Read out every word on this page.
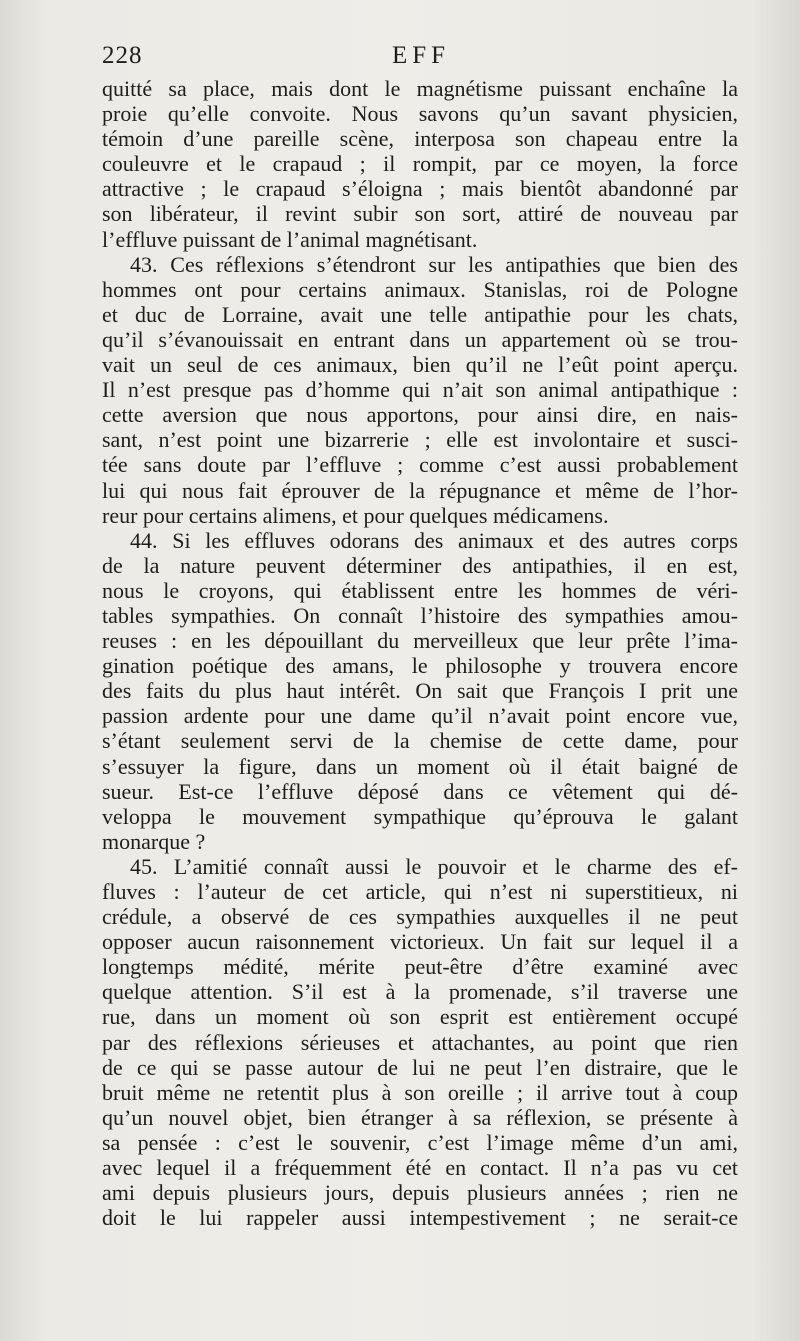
228	EFF
quitté sa place, mais dont le magnétisme puissant enchaîne la
proie qu’elle convoite. Nous savons qu’un savant physicien,
témoin d’une pareille scène, interposa son chapeau entre la
couleuvre et le crapaud ; il rompit, par ce moyen, la force
attractive ; le crapaud s’éloigna ; mais bientôt abandonné par
son libérateur, il revint subir son sort, attiré de nouveau par
l’effluve puissant de l’animal magnétisant.
43. Ces réflexions s’étendront sur les antipathies que bien des
hommes ont pour certains animaux. Stanislas, roi de Pologne
et duc de Lorraine, avait une telle antipathie pour les chats,
qu’il s’évanouissait en entrant dans un appartement où se trou-
vait un seul de ces animaux, bien qu’il ne l’eût point aperçu.
Il n’est presque pas d’homme qui n’ait son animal antipathique :
cette aversion que nous apportons, pour ainsi dire, en nais-
sant, n’est point une bizarrerie ; elle est involontaire et susci-
tée sans doute par l’effluve ; comme c’est aussi probablement
lui qui nous fait éprouver de la répugnance et même de l’hor-
reur pour certains alimens, et pour quelques médicamens.
44. Si les effluves odorans des animaux et des autres corps
de la nature peuvent déterminer des antipathies, il en est,
nous le croyons, qui établissent entre les hommes de véri-
tables sympathies. On connaît l’histoire des sympathies amou-
reuses : en les dépouillant du merveilleux que leur prête l’ima-
gination poétique des amans, le philosophe y trouvera encore
des faits du plus haut intérêt. On sait que François I prit une
passion ardente pour une dame qu’il n’avait point encore vue,
s’étant seulement servi de la chemise de cette dame, pour
s’essuyer la figure, dans un moment où il était baigné de
sueur. Est-ce l’effluve déposé dans ce vêtement qui dé-
veloppa le mouvement sympathique qu’éprouva le galant
monarque ?
45. L’amitié connaît aussi le pouvoir et le charme des ef-
fluves : l’auteur de cet article, qui n’est ni superstitieux, ni
crédule, a observé de ces sympathies auxquelles il ne peut
opposer aucun raisonnement victorieux. Un fait sur lequel il a
longtemps médité, mérite peut-être d’être examiné avec
quelque attention. S’il est à la promenade, s’il traverse une
rue, dans un moment où son esprit est entièrement occupé
par des réflexions sérieuses et attachantes, au point que rien
de ce qui se passe autour de lui ne peut l’en distraire, que le
bruit même ne retentit plus à son oreille ; il arrive tout à coup
qu’un nouvel objet, bien étranger à sa réflexion, se présente à
sa pensée : c’est le souvenir, c’est l’image même d’un ami,
avec lequel il a fréquemment été en contact. Il n’a pas vu cet
ami depuis plusieurs jours, depuis plusieurs années ; rien ne
doit le lui rappeler aussi intempestivement ; ne serait-ce
